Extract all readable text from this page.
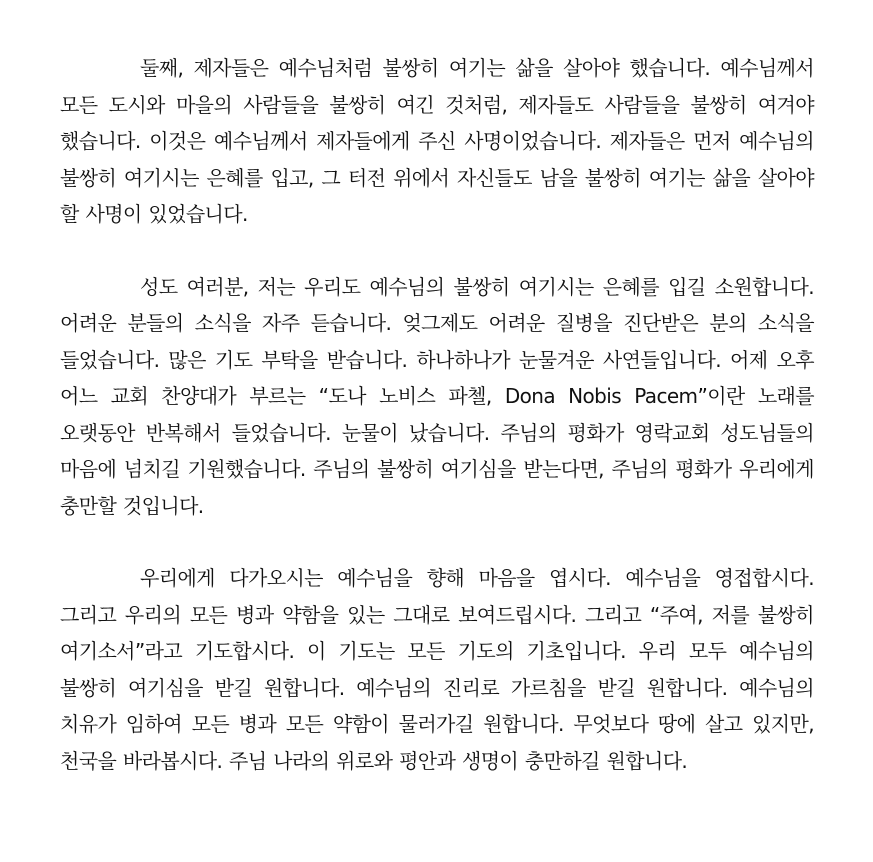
둘째, 제자들은 예수님처럼 불쌍히 여기는 삶을 살아야 했습니다. 예수님께서 모든 도시와 마을의 사람들을 불쌍히 여긴 것처럼, 제자들도 사람들을 불쌍히 여겨야 했습니다. 이것은 예수님께서 제자들에게 주신 사명이었습니다. 제자들은 먼저 예수님의 불쌍히 여기시는 은혜를 입고, 그 터전 위에서 자신들도 남을 불쌍히 여기는 삶을 살아야 할 사명이 있었습니다.

성도 여러분, 저는 우리도 예수님의 불쌍히 여기시는 은혜를 입길 소원합니다. 어려운 분들의 소식을 자주 듣습니다. 엊그제도 어려운 질병을 진단받은 분의 소식을 들었습니다. 많은 기도 부탁을 받습니다. 하나하나가 눈물겨운 사연들입니다. 어제 오후 어느 교회 찬양대가 부르는 “도나 노비스 파첼, Dona Nobis Pacem”이란 노래를 오랫동안 반복해서 들었습니다. 눈물이 났습니다. 주님의 평화가 영락교회 성도님들의 마음에 넘치길 기원했습니다. 주님의 불쌍히 여기심을 받는다면, 주님의 평화가 우리에게 충만할 것입니다.

우리에게 다가오시는 예수님을 향해 마음을 엽시다. 예수님을 영접합시다. 그리고 우리의 모든 병과 약함을 있는 그대로 보여드립시다. 그리고 “주여, 저를 불쌍히 여기소서”라고 기도합시다. 이 기도는 모든 기도의 기초입니다. 우리 모두 예수님의 불쌍히 여기심을 받길 원합니다. 예수님의 진리로 가르침을 받길 원합니다. 예수님의 치유가 임하여 모든 병과 모든 약함이 물러가길 원합니다. 무엇보다 땅에 살고 있지만, 천국을 바라봅시다. 주님 나라의 위로와 평안과 생명이 충만하길 원합니다.
